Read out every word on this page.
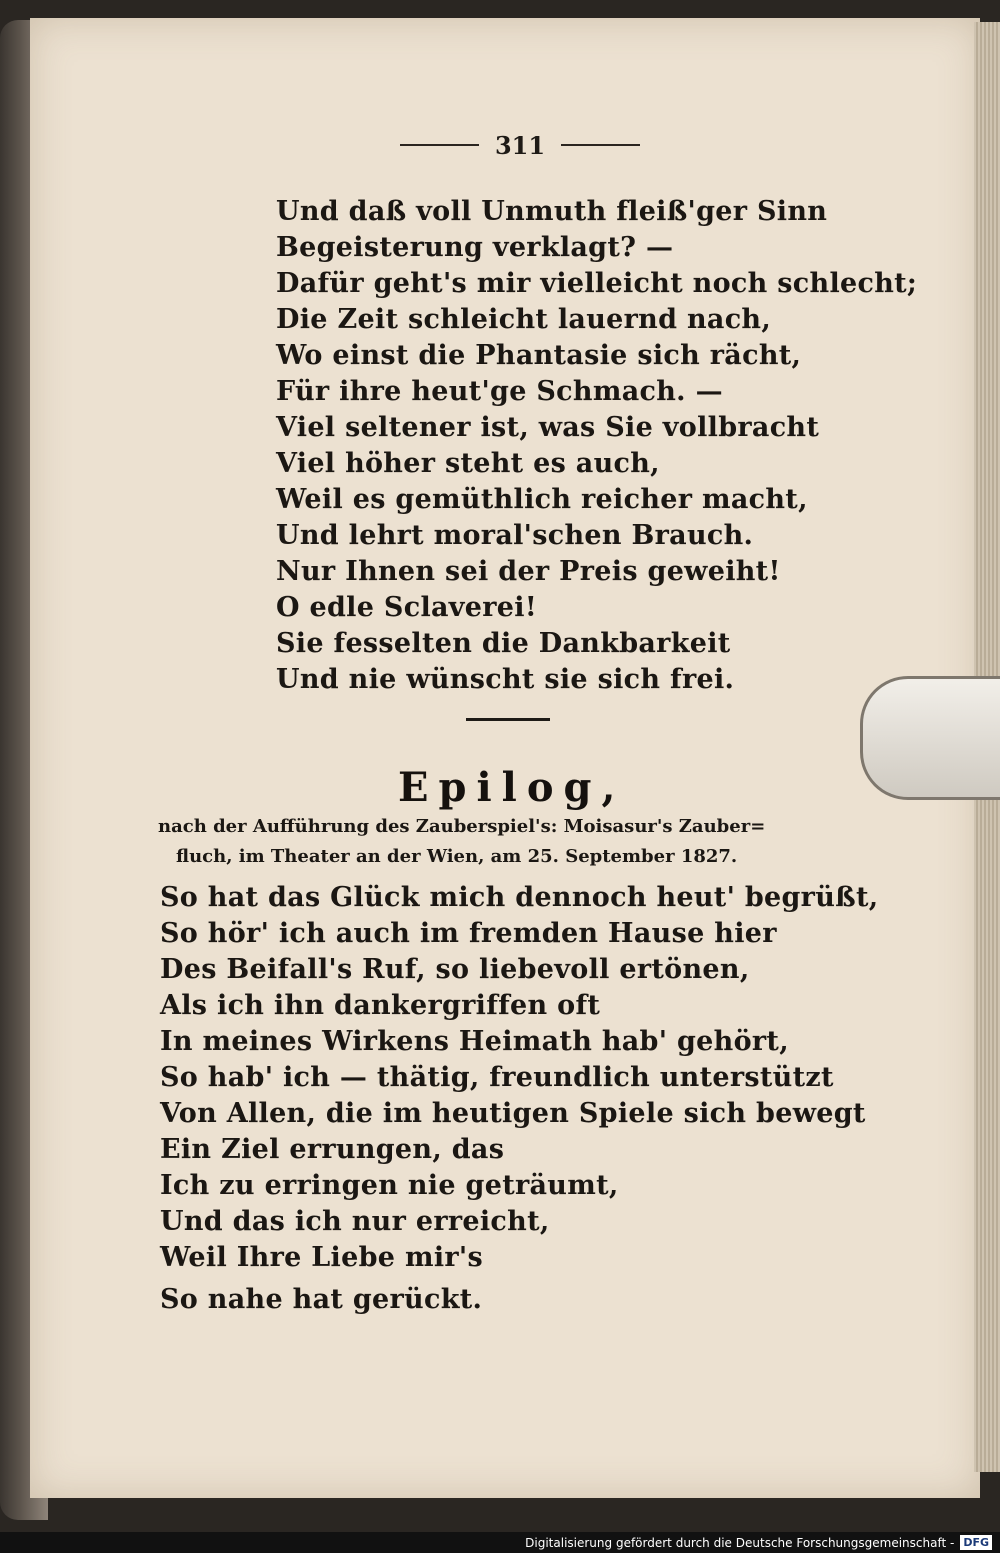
311
Und daß voll Unmuth fleiß'ger Sinn
Begeisterung verklagt? —
Dafür geht's mir vielleicht noch schlecht;
Die Zeit schleicht lauernd nach,
Wo einst die Phantasie sich rächt,
Für ihre heut'ge Schmach. —
Viel seltener ist, was Sie vollbracht
Viel höher steht es auch,
Weil es gemüthlich reicher macht,
Und lehrt moral'schen Brauch.
Nur Ihnen sei der Preis geweiht!
O edle Sclaverei!
Sie fesselten die Dankbarkeit
Und nie wünscht sie sich frei.
Epilog,
nach der Aufführung des Zauberspiel's: Moisasur's Zauber=
fluch, im Theater an der Wien, am 25. September 1827.
So hat das Glück mich dennoch heut' begrüßt,
So hör' ich auch im fremden Hause hier
Des Beifall's Ruf, so liebevoll ertönen,
Als ich ihn dankergriffen oft
In meines Wirkens Heimath hab' gehört,
So hab' ich — thätig, freundlich unterstützt
Von Allen, die im heutigen Spiele sich bewegt
Ein Ziel errungen, das
Ich zu erringen nie geträumt,
Und das ich nur erreicht,
Weil Ihre Liebe mir's
So nahe hat gerückt.
Digitalisierung gefördert durch die Deutsche Forschungsgemeinschaft - DFG
